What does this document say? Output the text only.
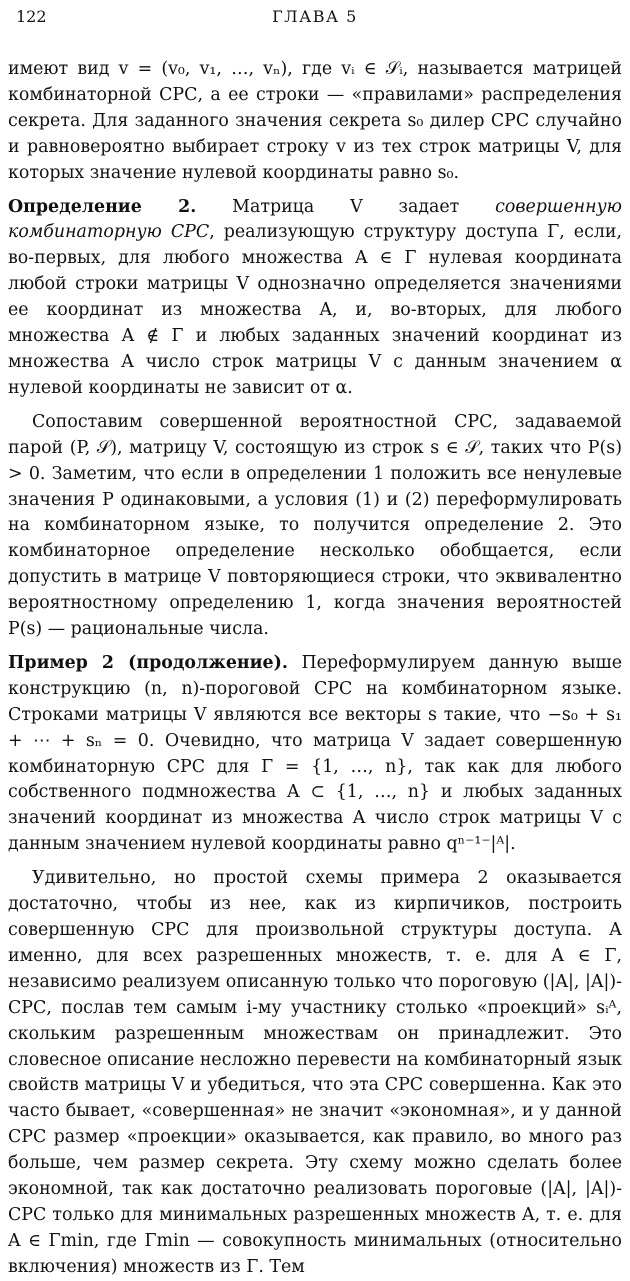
122	ГЛАВА 5

имеют вид v = (v₀, v₁, …, vₙ), где vᵢ ∈ 𝒮ᵢ, называется матрицей комбинаторной СРС, а ее строки — «правилами» распределения секрета. Для заданного значения секрета s₀ дилер СРС случайно и равновероятно выбирает строку v из тех строк матрицы V, для которых значение нулевой координаты равно s₀.

Определение 2. Матрица V задает совершенную комбинаторную СРС, реализующую структуру доступа Γ, если, во-первых, для любого множества A ∈ Γ нулевая координата любой строки матрицы V однозначно определяется значениями ее координат из множества A, и, во-вторых, для любого множества A ∉ Γ и любых заданных значений координат из множества A число строк матрицы V с данным значением α нулевой координаты не зависит от α.

Сопоставим совершенной вероятностной СРС, задаваемой парой (P, 𝒮), матрицу V, состоящую из строк s ∈ 𝒮, таких что P(s) > 0. Заметим, что если в определении 1 положить все ненулевые значения P одинаковыми, а условия (1) и (2) переформулировать на комбинаторном языке, то получится определение 2. Это комбинаторное определение несколько обобщается, если допустить в матрице V повторяющиеся строки, что эквивалентно вероятностному определению 1, когда значения вероятностей P(s) — рациональные числа.

Пример 2 (продолжение). Переформулируем данную выше конструкцию (n, n)-пороговой СРС на комбинаторном языке. Строками матрицы V являются все векторы s такие, что −s₀ + s₁ + ⋯ + sₙ = 0. Очевидно, что матрица V задает совершенную комбинаторную СРС для Γ = {1, …, n}, так как для любого собственного подмножества A ⊂ {1, …, n} и любых заданных значений координат из множества A число строк матрицы V с данным значением нулевой координаты равно qⁿ⁻¹⁻|ᴬ|.

Удивительно, но простой схемы примера 2 оказывается достаточно, чтобы из нее, как из кирпичиков, построить совершенную СРС для произвольной структуры доступа. А именно, для всех разрешенных множеств, т. е. для A ∈ Γ, независимо реализуем описанную только что пороговую (|A|, |A|)-СРС, послав тем самым i-му участнику столько «проекций» sᵢᴬ, скольким разрешенным множествам он принадлежит. Это словесное описание несложно перевести на комбинаторный язык свойств матрицы V и убедиться, что эта СРС совершенна. Как это часто бывает, «совершенная» не значит «экономная», и у данной СРС размер «проекции» оказывается, как правило, во много раз больше, чем размер секрета. Эту схему можно сделать более экономной, так как достаточно реализовать пороговые (|A|, |A|)-СРС только для минимальных разрешенных множеств A, т. е. для A ∈ Γmin, где Γmin — совокупность минимальных (относительно включения) множеств из Γ. Тем
